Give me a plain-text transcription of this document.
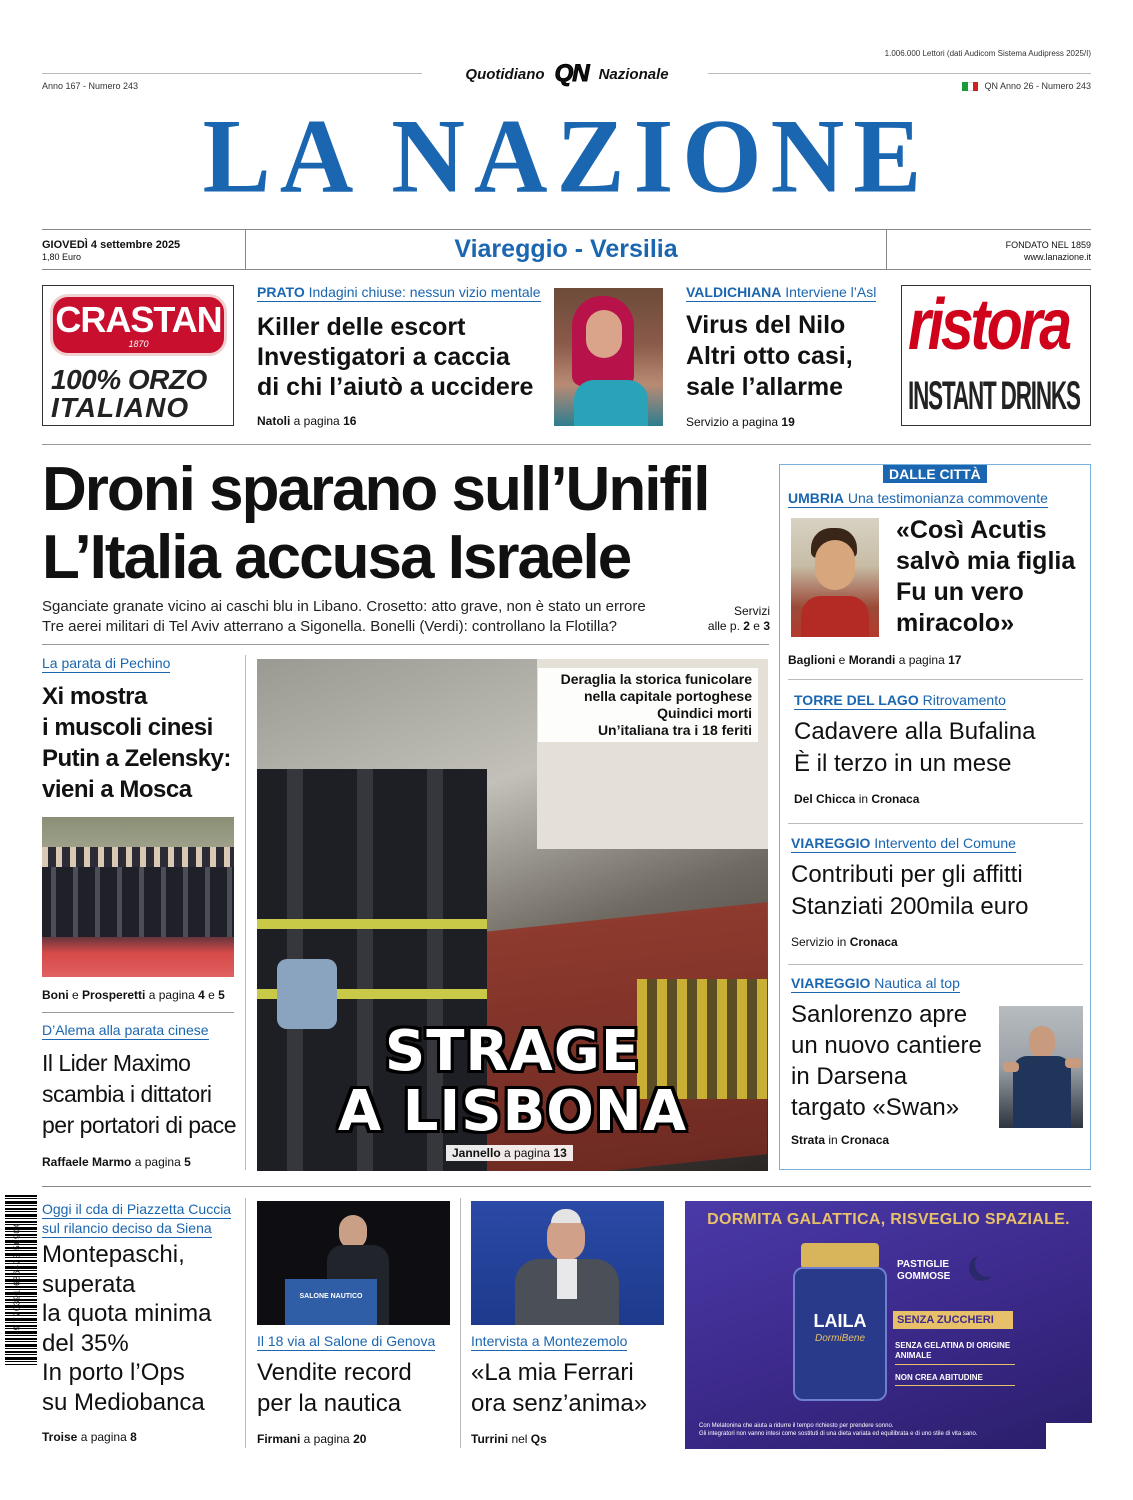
1.006.000 Lettori (dati Audicom Sistema Audipress 2025/I)
Anno 167 - Numero 243	QN Anno 26 - Numero 243
Quotidiano QN Nazionale
LA NAZIONE
GIOVEDÌ 4 settembre 2025
1,80 Euro	Viareggio - Versilia	FONDATO NEL 1859
www.lanazione.it
CRASTAN
1870
100% ORZO
ITALIANO
PRATO Indagini chiuse: nessun vizio mentale
Killer delle escort
Investigatori a caccia
di chi l’aiutò a uccidere
Natoli a pagina 16
VALDICHIANA Interviene l’Asl
Virus del Nilo
Altri otto casi,
sale l’allarme
Servizio a pagina 19
ristora
INSTANT DRINKS
Droni sparano sull’Unifil
L’Italia accusa Israele
Sganciate granate vicino ai caschi blu in Libano. Crosetto: atto grave, non è stato un errore
Tre aerei militari di Tel Aviv atterrano a Sigonella. Bonelli (Verdi): controllano la Flotilla?
Servizi
alle p. 2 e 3
La parata di Pechino
Xi mostra
i muscoli cinesi
Putin a Zelensky:
vieni a Mosca
Boni e Prosperetti a pagina 4 e 5
D’Alema alla parata cinese
Il Lider Maximo
scambia i dittatori
per portatori di pace
Raffaele Marmo a pagina 5
Deraglia la storica funicolare
nella capitale portoghese
Quindici morti
Un’italiana tra i 18 feriti
STRAGE
A LISBONA
Jannello a pagina 13
DALLE CITTÀ
UMBRIA Una testimonianza commovente
«Così Acutis
salvò mia figlia
Fu un vero
miracolo»
Baglioni e Morandi a pagina 17
TORRE DEL LAGO Ritrovamento
Cadavere alla Bufalina
È il terzo in un mese
Del Chicca in Cronaca
VIAREGGIO Intervento del Comune
Contributi per gli affitti
Stanziati 200mila euro
Servizio in Cronaca
VIAREGGIO Nautica al top
Sanlorenzo apre
un nuovo cantiere
in Darsena
targato «Swan»
Strata in Cronaca
9 770391 686473 50904
Oggi il cda di Piazzetta Cuccia sul rilancio deciso da Siena
Montepaschi,
superata
la quota minima
del 35%
In porto l’Ops
su Mediobanca
Troise a pagina 8
SALONE NAUTICO
Il 18 via al Salone di Genova
Vendite record
per la nautica
Firmani a pagina 20
Intervista a Montezemolo
«La mia Ferrari
ora senz’anima»
Turrini nel Qs
DORMITA GALATTICA, RISVEGLIO SPAZIALE.
LAILA
DormiBene
PASTIGLIE GOMMOSE
SENZA ZUCCHERI
SENZA GELATINA DI ORIGINE ANIMALE
NON CREA ABITUDINE
Con Melatonina che aiuta a ridurre il tempo richiesto per prendere sonno.
Gli integratori non vanno intesi come sostituti di una dieta variata ed equilibrata e di uno stile di vita sano.
